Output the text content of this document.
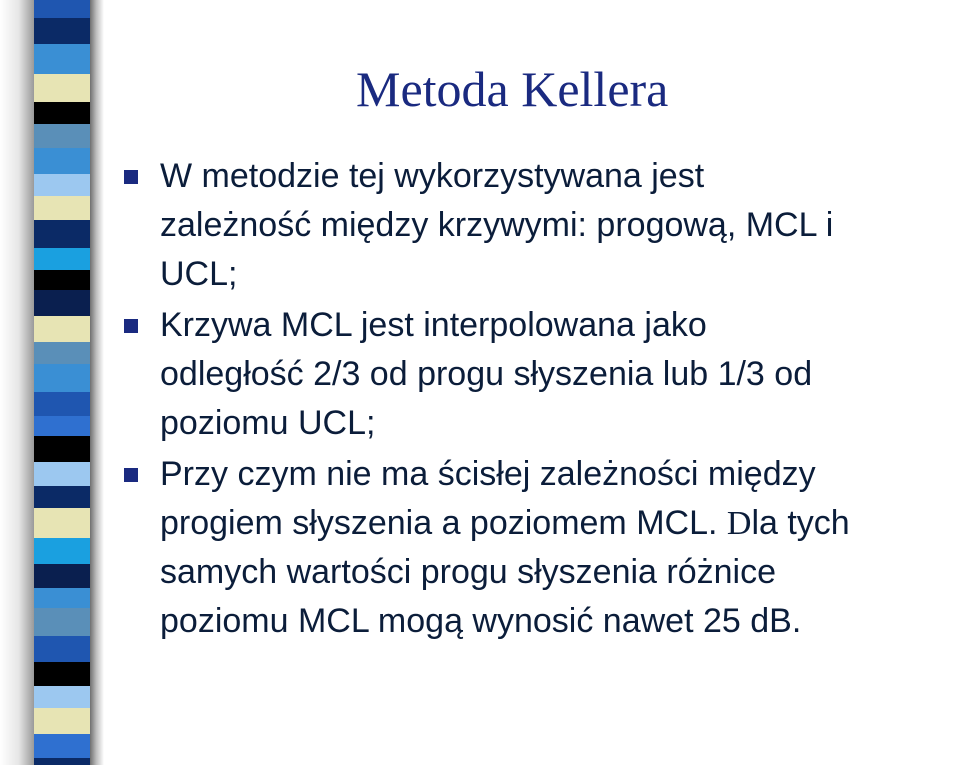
Metoda Kellera
W metodzie tej wykorzystywana jest
zależność między krzywymi: progową, MCL i
UCL;
Krzywa MCL jest interpolowana jako
odległość 2/3 od progu słyszenia lub 1/3 od
poziomu UCL;
Przy czym nie ma ścisłej zależności między
progiem słyszenia a poziomem MCL. Dla tych
samych wartości progu słyszenia różnice
poziomu MCL mogą wynosić nawet 25 dB.
